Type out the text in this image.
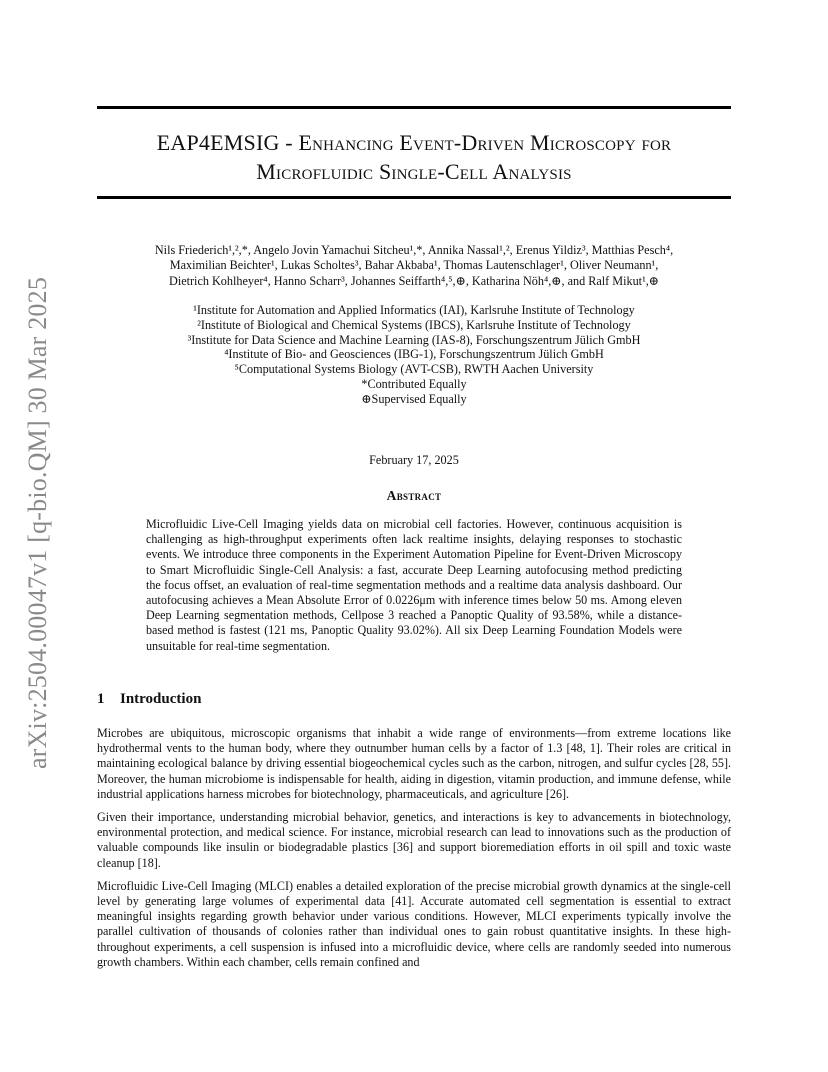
arXiv:2504.00047v1 [q-bio.QM] 30 Mar 2025
EAP4EMSIG - Enhancing Event-Driven Microscopy for
Microfluidic Single-Cell Analysis
Nils Friederich¹,²,*, Angelo Jovin Yamachui Sitcheu¹,*, Annika Nassal¹,², Erenus Yildiz³, Matthias Pesch⁴,
Maximilian Beichter¹, Lukas Scholtes³, Bahar Akbaba¹, Thomas Lautenschlager¹, Oliver Neumann¹,
Dietrich Kohlheyer⁴, Hanno Scharr³, Johannes Seiffarth⁴,⁵,⊕, Katharina Nöh⁴,⊕, and Ralf Mikut¹,⊕
¹Institute for Automation and Applied Informatics (IAI), Karlsruhe Institute of Technology
²Institute of Biological and Chemical Systems (IBCS), Karlsruhe Institute of Technology
³Institute for Data Science and Machine Learning (IAS-8), Forschungszentrum Jülich GmbH
⁴Institute of Bio- and Geosciences (IBG-1), Forschungszentrum Jülich GmbH
⁵Computational Systems Biology (AVT-CSB), RWTH Aachen University
*Contributed Equally
⊕Supervised Equally
February 17, 2025
Abstract
Microfluidic Live-Cell Imaging yields data on microbial cell factories. However, continuous acquisition is challenging as high-throughput experiments often lack realtime insights, delaying responses to stochastic events. We introduce three components in the Experiment Automation Pipeline for Event-Driven Microscopy to Smart Microfluidic Single-Cell Analysis: a fast, accurate Deep Learning autofocusing method predicting the focus offset, an evaluation of real-time segmentation methods and a realtime data analysis dashboard. Our autofocusing achieves a Mean Absolute Error of 0.0226μm with inference times below 50 ms. Among eleven Deep Learning segmentation methods, Cellpose 3 reached a Panoptic Quality of 93.58%, while a distance-based method is fastest (121 ms, Panoptic Quality 93.02%). All six Deep Learning Foundation Models were unsuitable for real-time segmentation.
1 Introduction

Microbes are ubiquitous, microscopic organisms that inhabit a wide range of environments—from extreme locations like hydrothermal vents to the human body, where they outnumber human cells by a factor of 1.3 [48, 1]. Their roles are critical in maintaining ecological balance by driving essential biogeochemical cycles such as the carbon, nitrogen, and sulfur cycles [28, 55]. Moreover, the human microbiome is indispensable for health, aiding in digestion, vitamin production, and immune defense, while industrial applications harness microbes for biotechnology, pharmaceuticals, and agriculture [26].

Given their importance, understanding microbial behavior, genetics, and interactions is key to advancements in biotechnology, environmental protection, and medical science. For instance, microbial research can lead to innovations such as the production of valuable compounds like insulin or biodegradable plastics [36] and support bioremediation efforts in oil spill and toxic waste cleanup [18].

Microfluidic Live-Cell Imaging (MLCI) enables a detailed exploration of the precise microbial growth dynamics at the single-cell level by generating large volumes of experimental data [41]. Accurate automated cell segmentation is essential to extract meaningful insights regarding growth behavior under various conditions. However, MLCI experiments typically involve the parallel cultivation of thousands of colonies rather than individual ones to gain robust quantitative insights. In these high-throughout experiments, a cell suspension is infused into a microfluidic device, where cells are randomly seeded into numerous growth chambers. Within each chamber, cells remain confined and
